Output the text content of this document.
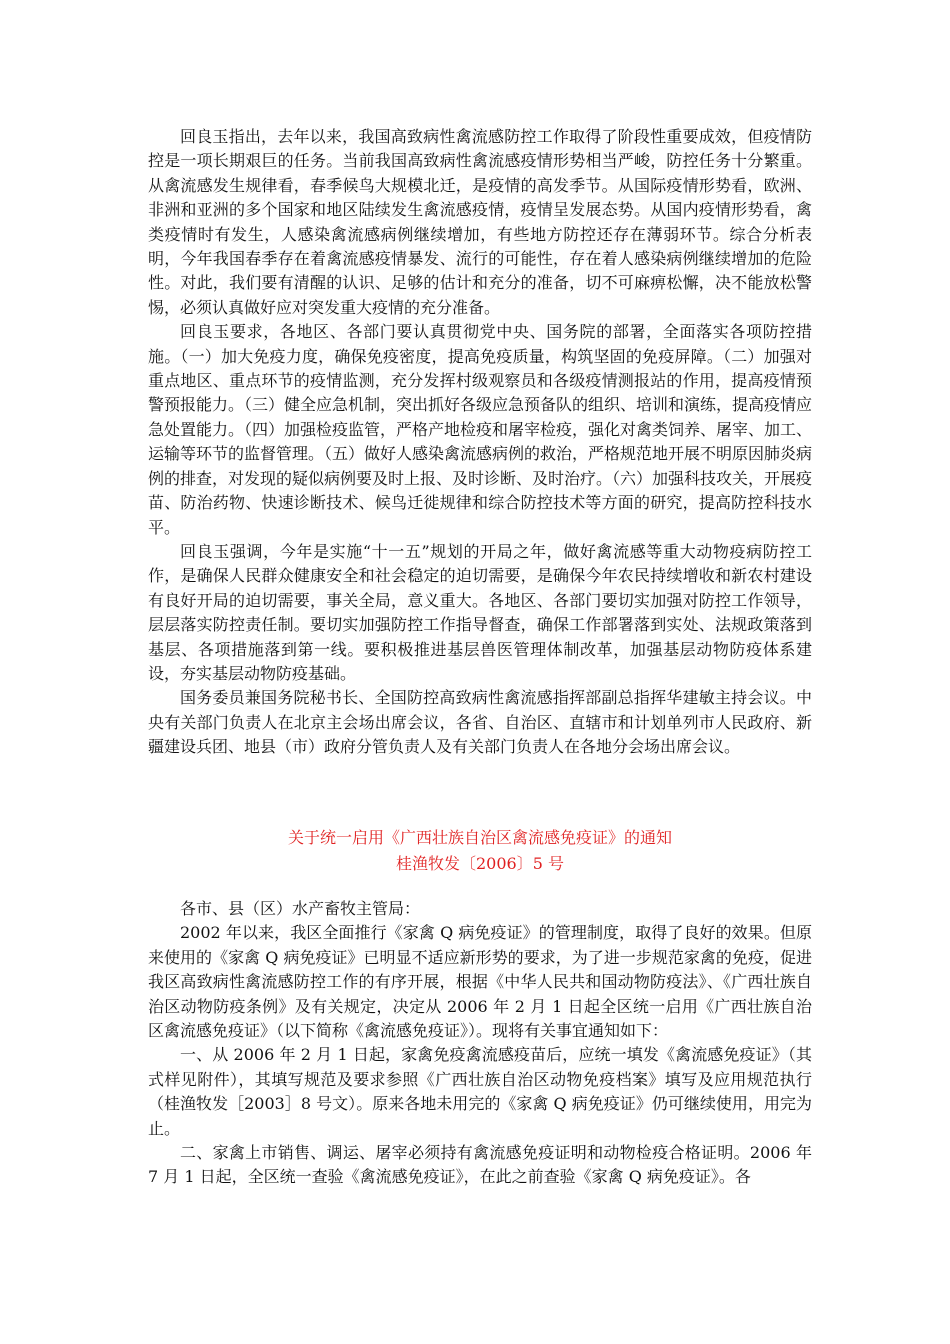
回良玉指出，去年以来，我国高致病性禽流感防控工作取得了阶段性重要成效，但疫情防控是一项长期艰巨的任务。当前我国高致病性禽流感疫情形势相当严峻，防控任务十分繁重。从禽流感发生规律看，春季候鸟大规模北迁，是疫情的高发季节。从国际疫情形势看，欧洲、非洲和亚洲的多个国家和地区陆续发生禽流感疫情，疫情呈发展态势。从国内疫情形势看，禽类疫情时有发生，人感染禽流感病例继续增加，有些地方防控还存在薄弱环节。综合分析表明，今年我国春季存在着禽流感疫情暴发、流行的可能性，存在着人感染病例继续增加的危险性。对此，我们要有清醒的认识、足够的估计和充分的准备，切不可麻痹松懈，决不能放松警惕，必须认真做好应对突发重大疫情的充分准备。

回良玉要求，各地区、各部门要认真贯彻党中央、国务院的部署，全面落实各项防控措施。（一）加大免疫力度，确保免疫密度，提高免疫质量，构筑坚固的免疫屏障。（二）加强对重点地区、重点环节的疫情监测，充分发挥村级观察员和各级疫情测报站的作用，提高疫情预警预报能力。（三）健全应急机制，突出抓好各级应急预备队的组织、培训和演练，提高疫情应急处置能力。（四）加强检疫监管，严格产地检疫和屠宰检疫，强化对禽类饲养、屠宰、加工、运输等环节的监督管理。（五）做好人感染禽流感病例的救治，严格规范地开展不明原因肺炎病例的排查，对发现的疑似病例要及时上报、及时诊断、及时治疗。（六）加强科技攻关，开展疫苗、防治药物、快速诊断技术、候鸟迁徙规律和综合防控技术等方面的研究，提高防控科技水平。

回良玉强调，今年是实施“十一五”规划的开局之年，做好禽流感等重大动物疫病防控工作，是确保人民群众健康安全和社会稳定的迫切需要，是确保今年农民持续增收和新农村建设有良好开局的迫切需要，事关全局，意义重大。各地区、各部门要切实加强对防控工作领导，层层落实防控责任制。要切实加强防控工作指导督查，确保工作部署落到实处、法规政策落到基层、各项措施落到第一线。要积极推进基层兽医管理体制改革，加强基层动物防疫体系建设，夯实基层动物防疫基础。

国务委员兼国务院秘书长、全国防控高致病性禽流感指挥部副总指挥华建敏主持会议。中央有关部门负责人在北京主会场出席会议，各省、自治区、直辖市和计划单列市人民政府、新疆建设兵团、地县（市）政府分管负责人及有关部门负责人在各地分会场出席会议。

关于统一启用《广西壮族自治区禽流感免疫证》的通知
桂渔牧发〔2006〕5 号

各市、县（区）水产畜牧主管局：

2002 年以来，我区全面推行《家禽 Q 病免疫证》的管理制度，取得了良好的效果。但原来使用的《家禽 Q 病免疫证》已明显不适应新形势的要求，为了进一步规范家禽的免疫，促进我区高致病性禽流感防控工作的有序开展，根据《中华人民共和国动物防疫法》、《广西壮族自治区动物防疫条例》及有关规定，决定从 2006 年 2 月 1 日起全区统一启用《广西壮族自治区禽流感免疫证》（以下简称《禽流感免疫证》）。现将有关事宜通知如下：

一、从 2006 年 2 月 1 日起，家禽免疫禽流感疫苗后，应统一填发《禽流感免疫证》（其式样见附件），其填写规范及要求参照《广西壮族自治区动物免疫档案》填写及应用规范执行（桂渔牧发［2003］8 号文）。原来各地未用完的《家禽 Q 病免疫证》仍可继续使用，用完为止。

二、家禽上市销售、调运、屠宰必须持有禽流感免疫证明和动物检疫合格证明。2006 年 7 月 1 日起，全区统一查验《禽流感免疫证》，在此之前查验《家禽 Q 病免疫证》。各
